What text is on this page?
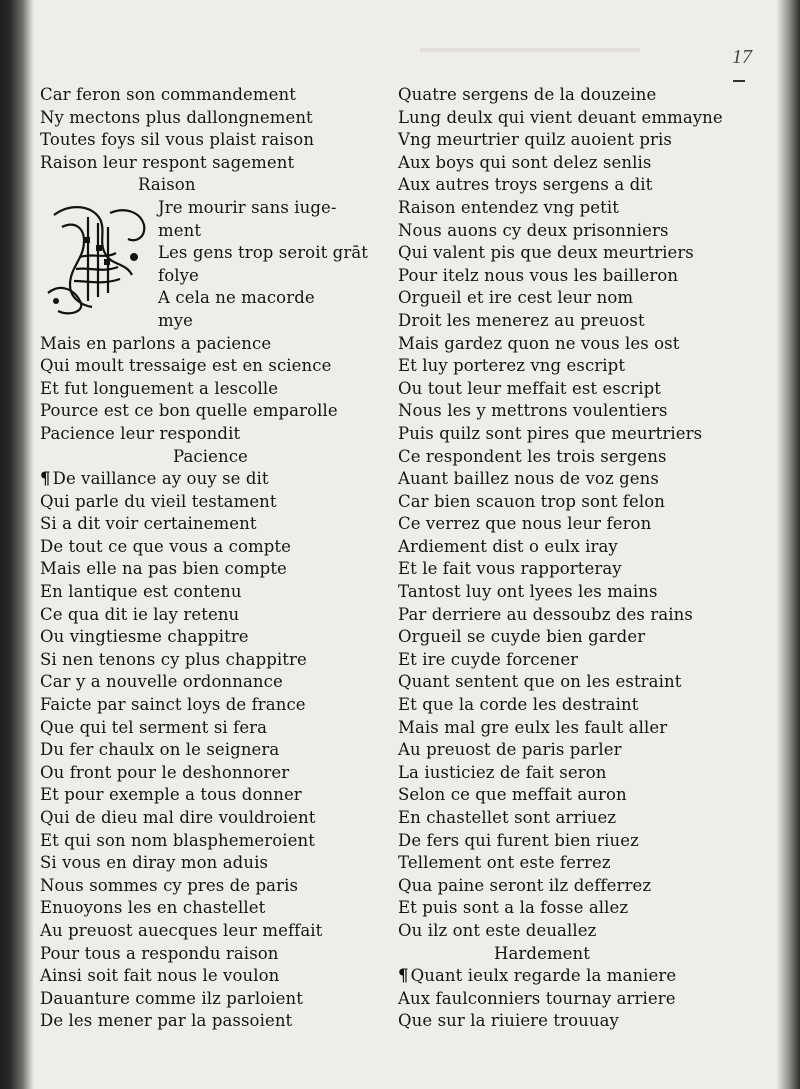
17
Car feron son commandement
Ny mectons plus dallongnement
Toutes foys sil vous plaist raison
Raison leur respont sagement
Raison
Jre mourir sans iuge-
ment
Les gens trop seroit grāt
folye
A cela ne macorde
mye
Mais en parlons a pacience
Qui moult tressaige est en science
Et fut longuement a lescolle
Pource est ce bon quelle emparolle
Pacience leur respondit
Pacience
¶ De vaillance ay ouy se dit
Qui parle du vieil testament
Si a dit voir certainement
De tout ce que vous a compte
Mais elle na pas bien compte
En lantique est contenu
Ce qua dit ie lay retenu
Ou vingtiesme chappitre
Si nen tenons cy plus chappitre
Car y a nouvelle ordonnance
Faicte par sainct loys de france
Que qui tel serment si fera
Du fer chaulx on le seignera
Ou front pour le deshonnorer
Et pour exemple a tous donner
Qui de dieu mal dire vouldroient
Et qui son nom blasphemeroient
Si vous en diray mon aduis
Nous sommes cy pres de paris
Enuoyons les en chastellet
Au preuost auecques leur meffait
Pour tous a respondu raison
Ainsi soit fait nous le voulon
Dauanture comme ilz parloient
De les mener par la passoient
Quatre sergens de la douzeine
Lung deulx qui vient deuant emmayne
Vng meurtrier quilz auoient pris
Aux boys qui sont delez senlis
Aux autres troys sergens a dit
Raison entendez vng petit
Nous auons cy deux prisonniers
Qui valent pis que deux meurtriers
Pour itelz nous vous les bailleron
Orgueil et ire cest leur nom
Droit les menerez au preuost
Mais gardez quon ne vous les ost
Et luy porterez vng escript
Ou tout leur meffait est escript
Nous les y mettrons voulentiers
Puis quilz sont pires que meurtriers
Ce respondent les trois sergens
Auant baillez nous de voz gens
Car bien scauon trop sont felon
Ce verrez que nous leur feron
Ardiement dist o eulx iray
Et le fait vous rapporteray
Tantost luy ont lyees les mains
Par derriere au dessoubz des rains
Orgueil se cuyde bien garder
Et ire cuyde forcener
Quant sentent que on les estraint
Et que la corde les destraint
Mais mal gre eulx les fault aller
Au preuost de paris parler
La iusticiez de fait seron
Selon ce que meffait auron
En chastellet sont arriuez
De fers qui furent bien riuez
Tellement ont este ferrez
Qua paine seront ilz defferrez
Et puis sont a la fosse allez
Ou ilz ont este deuallez
Hardement
¶ Quant ieulx regarde la maniere
Aux faulconniers tournay arriere
Que sur la riuiere trouuay
